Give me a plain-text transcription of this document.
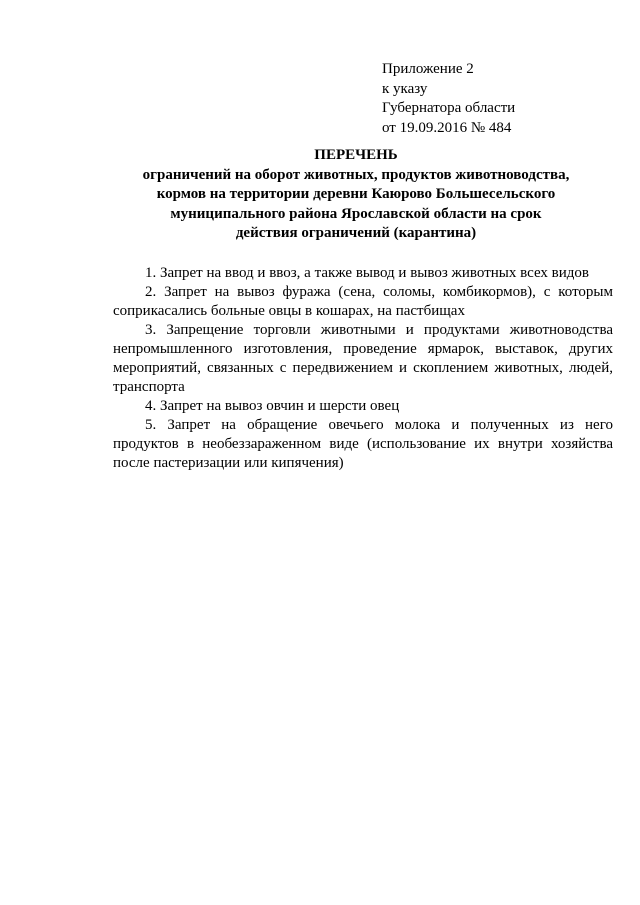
Приложение 2
к указу
Губернатора области
от 19.09.2016 № 484
ПЕРЕЧЕНЬ
ограничений на оборот животных, продуктов животноводства,
кормов на территории деревни Каюрово Большесельского
муниципального района Ярославской области на срок
действия ограничений (карантина)

1. Запрет на ввод и ввоз, а также вывод и вывоз животных всех видов

2. Запрет на вывоз фуража (сена, соломы, комбикормов), с которым соприкасались больные овцы в кошарах, на пастбищах

3. Запрещение торговли животными и продуктами животноводства непромышленного изготовления, проведение ярмарок, выставок, других мероприятий, связанных с передвижением и скоплением животных, людей, транспорта

4. Запрет на вывоз овчин и шерсти овец

5. Запрет на обращение овечьего молока и полученных из него продуктов в необеззараженном виде (использование их внутри хозяйства после пастеризации или кипячения)
